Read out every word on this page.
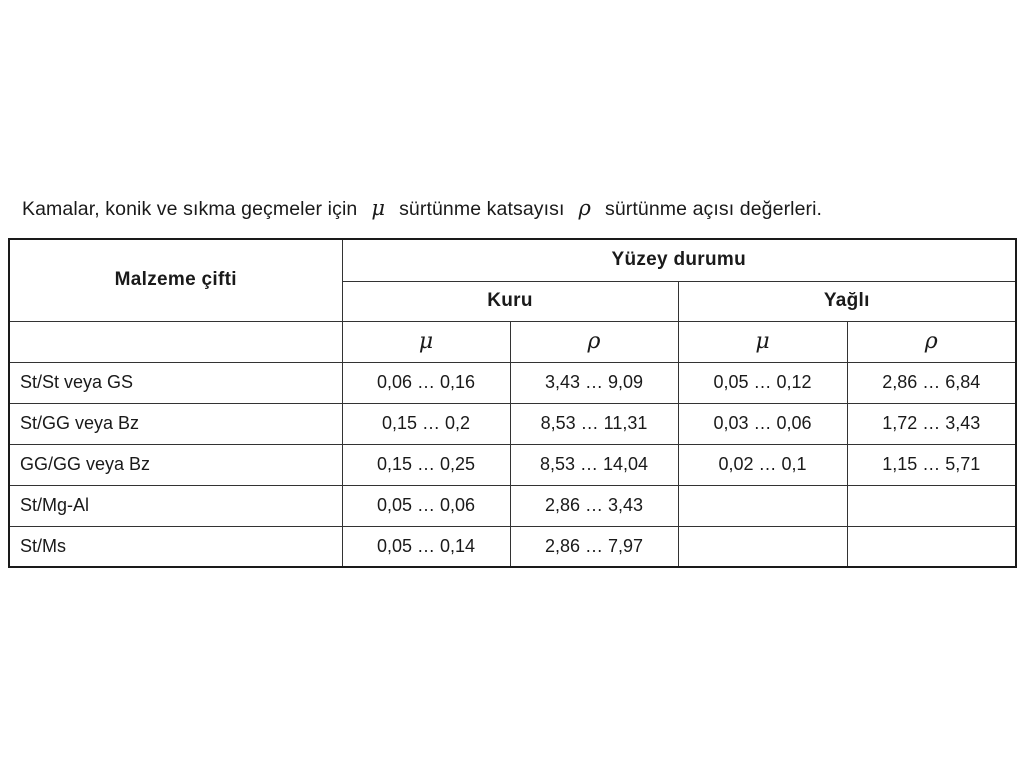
Kamalar, konik ve sıkma geçmeler için μ sürtünme katsayısı ρ sürtünme açısı değerleri.
Malzeme çifti	Yüzey durumu			
	Kuru		Yağlı	
	μ	ρ	μ	ρ
St/St veya GS	0,06 … 0,16	3,43 … 9,09	0,05 … 0,12	2,86 … 6,84
St/GG veya Bz	0,15 … 0,2	8,53 … 11,31	0,03 … 0,06	1,72 … 3,43
GG/GG veya Bz	0,15 … 0,25	8,53 … 14,04	0,02 … 0,1	1,15 … 5,71
St/Mg-Al	0,05 … 0,06	2,86 … 3,43		
St/Ms	0,05 … 0,14	2,86 … 7,97		
